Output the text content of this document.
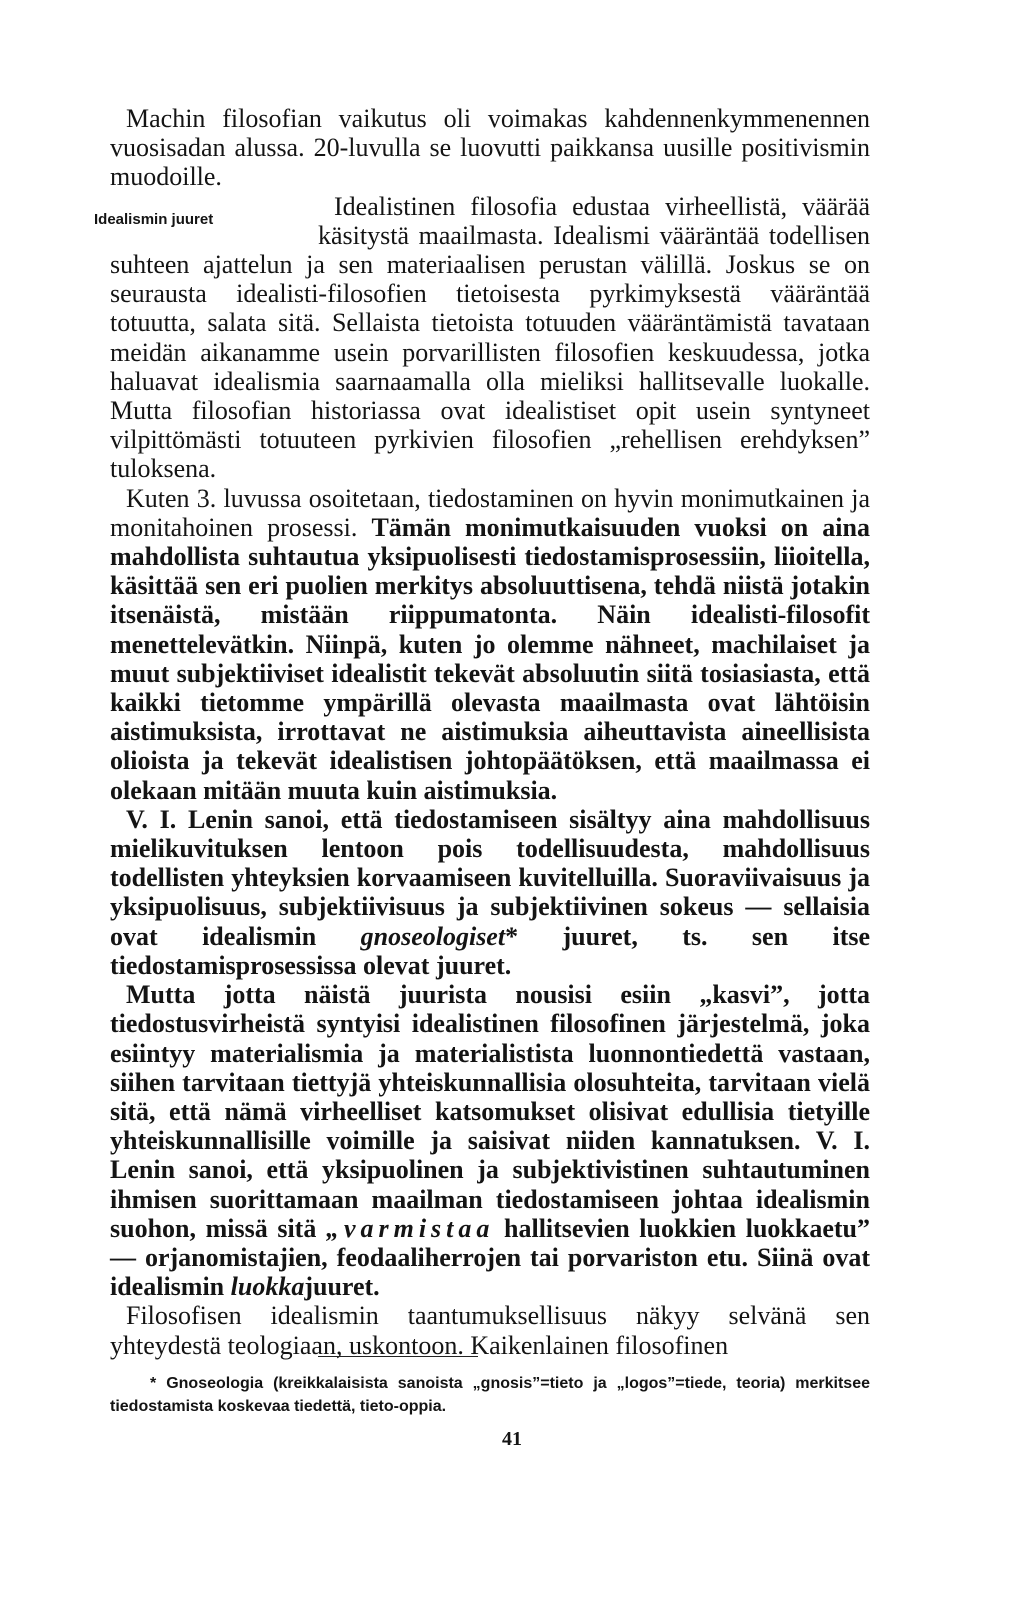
Machin filosofian vaikutus oli voimakas kahdennenkymmenennen vuosisadan alussa. 20-luvulla se luovutti paikkansa uusille positivismin muodoille.

Idealismin juuret	Idealistinen filosofia edustaa virheellistä, väärää käsitystä maailmasta. Idealismi vääräntää todellisen suhteen ajattelun ja sen materiaalisen perustan välillä. Joskus se on seurausta idealisti-filosofien tietoisesta pyrkimyksestä vääräntää totuutta, salata sitä. Sellaista tietoista totuuden vääräntämistä tavataan meidän aikanamme usein porvarillisten filosofien keskuudessa, jotka haluavat idealismia saarnaamalla olla mieliksi hallitsevalle luokalle. Mutta filosofian historiassa ovat idealistiset opit usein syntyneet vilpittömästi totuuteen pyrkivien filosofien „rehellisen erehdyksen” tuloksena.

Kuten 3. luvussa osoitetaan, tiedostaminen on hyvin monimutkainen ja monitahoinen prosessi. Tämän monimutkaisuuden vuoksi on aina mahdollista suhtautua yksipuolisesti tiedostamisprosessiin, liioitella, käsittää sen eri puolien merkitys absoluuttisena, tehdä niistä jotakin itsenäistä, mistään riippumatonta. Näin idealisti-filosofit menettelevätkin. Niinpä, kuten jo olemme nähneet, machilaiset ja muut subjektiiviset idealistit tekevät absoluutin siitä tosiasiasta, että kaikki tietomme ympärillä olevasta maailmasta ovat lähtöisin aistimuksista, irrottavat ne aistimuksia aiheuttavista aineellisista olioista ja tekevät idealistisen johtopäätöksen, että maailmassa ei olekaan mitään muuta kuin aistimuksia.

V. I. Lenin sanoi, että tiedostamiseen sisältyy aina mahdollisuus mielikuvituksen lentoon pois todellisuudesta, mahdollisuus todellisten yhteyksien korvaamiseen kuvitelluilla. Suoraviivaisuus ja yksipuolisuus, subjektiivisuus ja subjektiivinen sokeus — sellaisia ovat idealismin gnoseologiset* juuret, ts. sen itse tiedostamisprosessissa olevat juuret.

Mutta jotta näistä juurista nousisi esiin „kasvi”, jotta tiedostusvirheistä syntyisi idealistinen filosofinen järjestelmä, joka esiintyy materialismia ja materialistista luonnontiedettä vastaan, siihen tarvitaan tiettyjä yhteiskunnallisia olosuhteita, tarvitaan vielä sitä, että nämä virheelliset katsomukset olisivat edullisia tietyille yhteiskunnallisille voimille ja saisivat niiden kannatuksen. V. I. Lenin sanoi, että yksipuolinen ja subjektivistinen suhtautuminen ihmisen suorittamaan maailman tiedostamiseen johtaa idealismin suohon, missä sitä „varmistaa hallitsevien luokkien luokkaetu” — orjanomistajien, feodaaliherrojen tai porvariston etu. Siinä ovat idealismin luokkajuuret.

Filosofisen idealismin taantumuksellisuus näkyy selvänä sen yhteydestä teologiaan, uskontoon. Kaikenlainen filosofinen

* Gnoseologia (kreikkalaisista sanoista „gnosis”=tieto ja „logos”=tiede, teoria) merkitsee tiedostamista koskevaa tiedettä, tieto-oppia.

41
